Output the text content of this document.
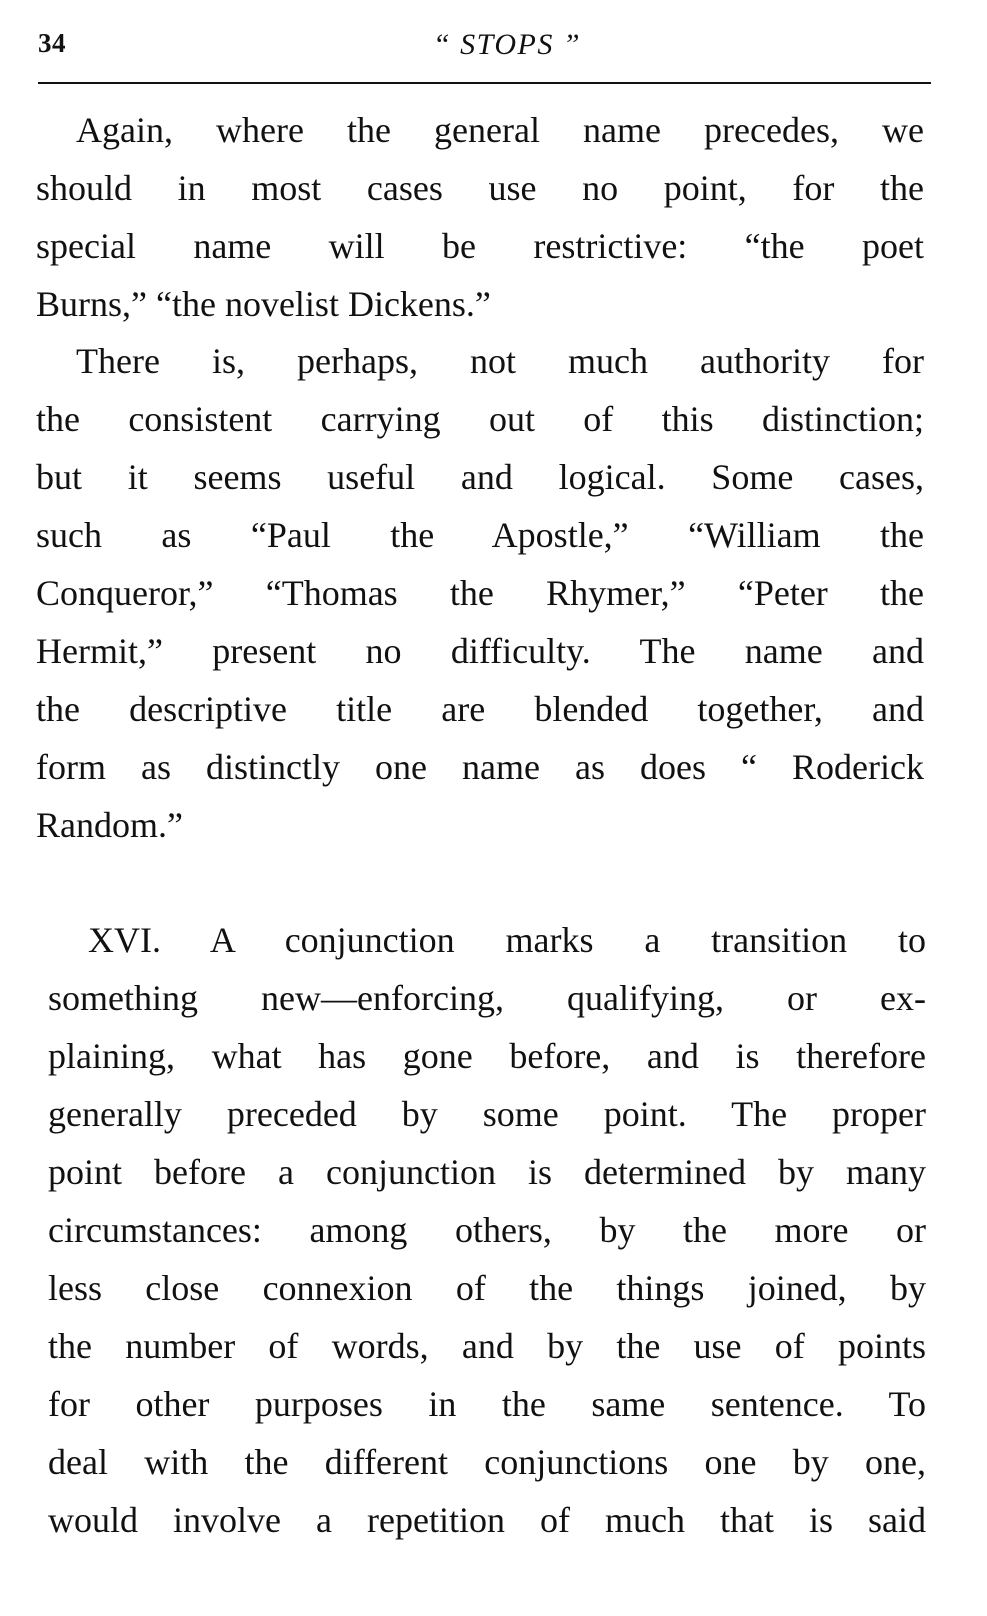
34	“ STOPS ”

Again, where the general name precedes, we
should in most cases use no point, for the
special name will be restrictive: “the poet
Burns,” “the novelist Dickens.”

There is, perhaps, not much authority for
the consistent carrying out of this distinction;
but it seems useful and logical. Some cases,
such as “Paul the Apostle,” “William the
Conqueror,” “Thomas the Rhymer,” “Peter the
Hermit,” present no difficulty. The name and
the descriptive title are blended together, and
form as distinctly one name as does “ Roderick
Random.”

XVI. A conjunction marks a transition to
something new—enforcing, qualifying, or ex-
plaining, what has gone before, and is therefore
generally preceded by some point. The proper
point before a conjunction is determined by many
circumstances: among others, by the more or
less close connexion of the things joined, by
the number of words, and by the use of points
for other purposes in the same sentence. To
deal with the different conjunctions one by one,
would involve a repetition of much that is said
